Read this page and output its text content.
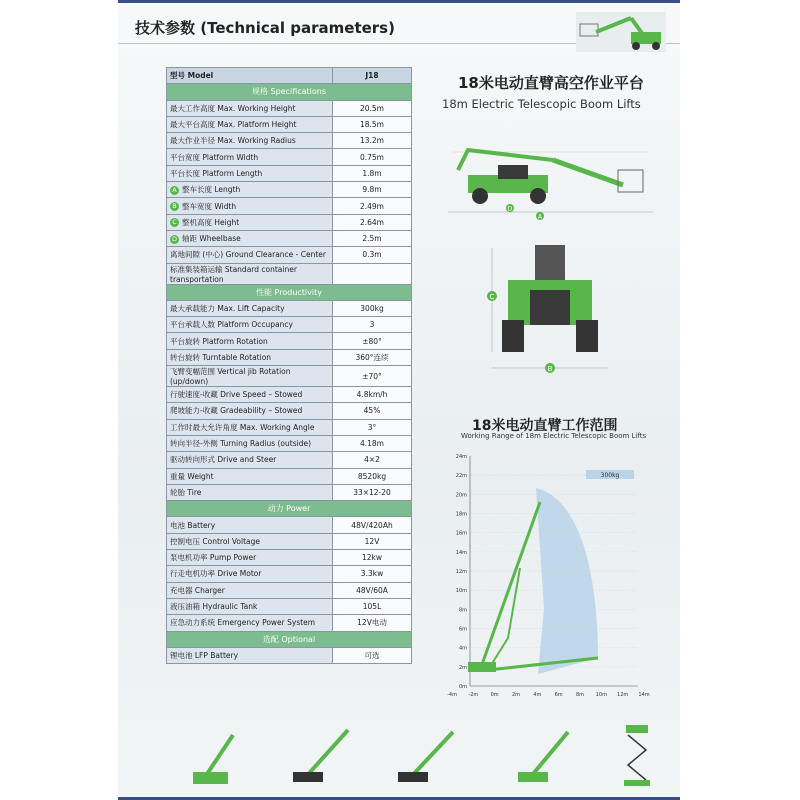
技术参数 (Technical parameters)
型号 Model	J18
规格 Specifications	
最大工作高度 Max. Working Height	20.5m
最大平台高度 Max. Platform Height	18.5m
最大作业半径 Max. Working Radius	13.2m
平台宽度 Platform Width	0.75m
平台长度 Platform Length	1.8m
A 整车长度 Length	9.8m
B 整车宽度 Width	2.49m
C 整机高度 Height	2.64m
D 轴距 Wheelbase	2.5m
离地间隙 (中心) Ground Clearance - Center	0.3m
标准集装箱运输 Standard container transportation	
性能 Productivity	
最大承载能力 Max. Lift Capacity	300kg
平台承载人数 Platform Occupancy	3
平台旋转 Platform Rotation	±80°
转台旋转 Turntable Rotation	360°连续
飞臂变幅范围 Vertical jib Rotation (up/down)	±70°
行驶速度-收藏 Drive Speed – Stowed	4.8km/h
爬坡能力-收藏 Gradeability – Stowed	45%
工作时最大允许角度 Max. Working Angle	3°
转向半径-外侧 Turning Radius (outside)	4.18m
驱动转向形式 Drive and Steer	4×2
重量 Weight	8520kg
轮胎 Tire	33×12-20
动力 Power	
电池 Battery	48V/420Ah
控制电压 Control Voltage	12V
泵电机功率 Pump Power	12kw
行走电机功率 Drive Motor	3.3kw
充电器 Charger	48V/60A
液压油箱 Hydraulic Tank	105L
应急动力系统 Emergency Power System	12V电动
选配 Optional	
锂电池 LFP Battery	可选
18米电动直臂高空作业平台
18m Electric Telescopic Boom Lifts
D
A
C
B
18米电动直臂工作范围
Working Range of 18m Electric Telescopic Boom Lifts
300kg
24m
22m
20m
18m
16m
14m
12m
10m
8m
6m
4m
2m
0m
-4m -2m 0m	2m	4m	6m	8m 10m 12m 14m
